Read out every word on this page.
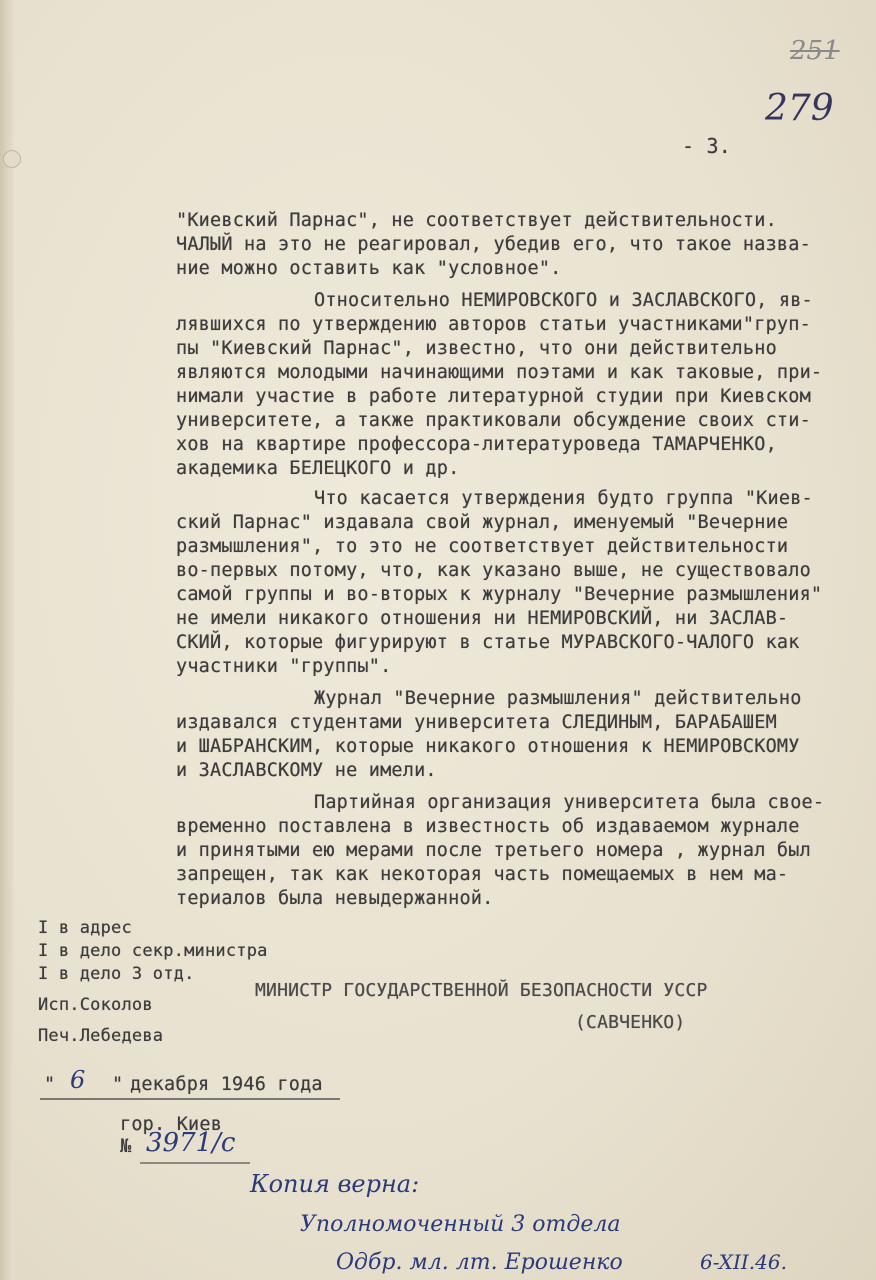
251
279
- 3.
"Киевский Парнас", не соответствует действительности.
ЧАЛЫЙ на это не реагировал, убедив его, что такое назва-
ние можно оставить как "условное".
Относительно НЕМИРОВСКОГО и ЗАСЛАВСКОГО, яв-
лявшихся по утверждению авторов статьи участниками"груп-
пы "Киевский Парнас", известно, что они действительно
являются молодыми начинающими поэтами и как таковые, при-
нимали участие в работе литературной студии при Киевском
университете, а также практиковали обсуждение своих сти-
хов на квартире профессора-литературоведа ТАМАРЧЕНКО,
академика БЕЛЕЦКОГО и др.
Что касается утверждения будто группа "Киев-
ский Парнас" издавала свой журнал, именуемый "Вечерние
размышления", то это не соответствует действительности
во-первых потому, что, как указано выше, не существовало
самой группы и во-вторых к журналу "Вечерние размышления"
не имели никакого отношения ни НЕМИРОВСКИЙ, ни ЗАСЛАВ-
СКИЙ, которые фигурируют в статье МУРАВСКОГО-ЧАЛОГО как
участники "группы".
Журнал "Вечерние размышления" действительно
издавался студентами университета СЛЕДИНЫМ, БАРАБАШЕМ
и ШАБРАНСКИМ, которые никакого отношения к НЕМИРОВСКОМУ
и ЗАСЛАВСКОМУ не имели.
Партийная организация университета была свое-
временно поставлена в известность об издаваемом журнале
и принятыми ею мерами после третьего номера , журнал был
запрещен, так как некоторая часть помещаемых в нем ма-
териалов была невыдержанной.
I в адрес
I в дело секр.министра
I в дело 3 отд.
Исп.Соколов
Печ.Лебедева
МИНИСТР ГОСУДАРСТВЕННОЙ БЕЗОПАСНОСТИ УССР
(САВЧЕНКО)
" 6 " декабря 1946 года
гор. Киев
№ 3971/с
Копия верна:
Уполномоченный 3 отдела
Одбр. мл. лт. Ерошенко	6-XII.46.
